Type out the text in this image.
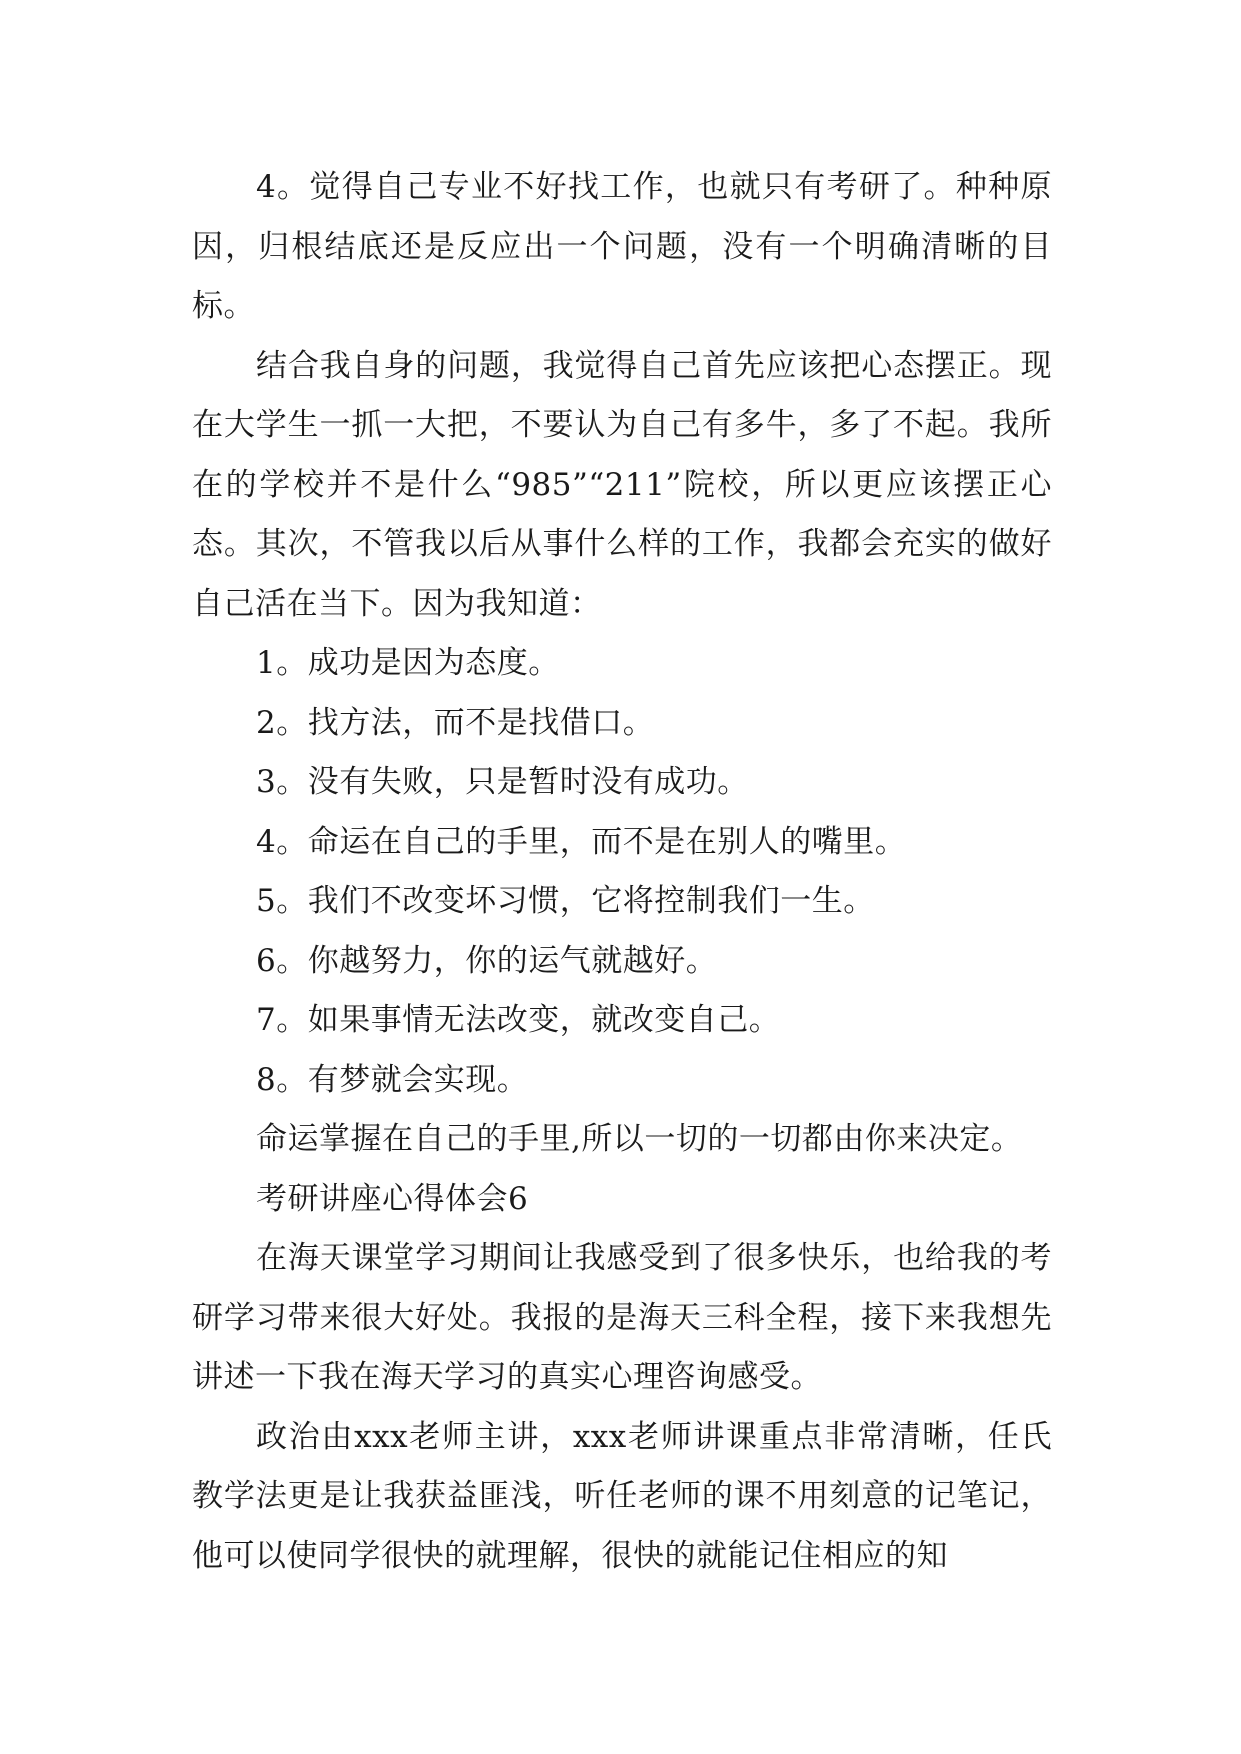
4。觉得自己专业不好找工作，也就只有考研了。种种原因，归根结底还是反应出一个问题，没有一个明确清晰的目标。

结合我自身的问题，我觉得自己首先应该把心态摆正。现在大学生一抓一大把，不要认为自己有多牛，多了不起。我所在的学校并不是什么“985”“211”院校，所以更应该摆正心态。其次，不管我以后从事什么样的工作，我都会充实的做好自己活在当下。因为我知道：

1。成功是因为态度。

2。找方法，而不是找借口。

3。没有失败，只是暂时没有成功。

4。命运在自己的手里，而不是在别人的嘴里。

5。我们不改变坏习惯，它将控制我们一生。

6。你越努力，你的运气就越好。

7。如果事情无法改变，就改变自己。

8。有梦就会实现。

命运掌握在自己的手里,所以一切的一切都由你来决定。

考研讲座心得体会6

在海天课堂学习期间让我感受到了很多快乐，也给我的考研学习带来很大好处。我报的是海天三科全程，接下来我想先讲述一下我在海天学习的真实心理咨询感受。

政治由xxx老师主讲，xxx老师讲课重点非常清晰，任氏教学法更是让我获益匪浅，听任老师的课不用刻意的记笔记，他可以使同学很快的就理解，很快的就能记住相应的知
